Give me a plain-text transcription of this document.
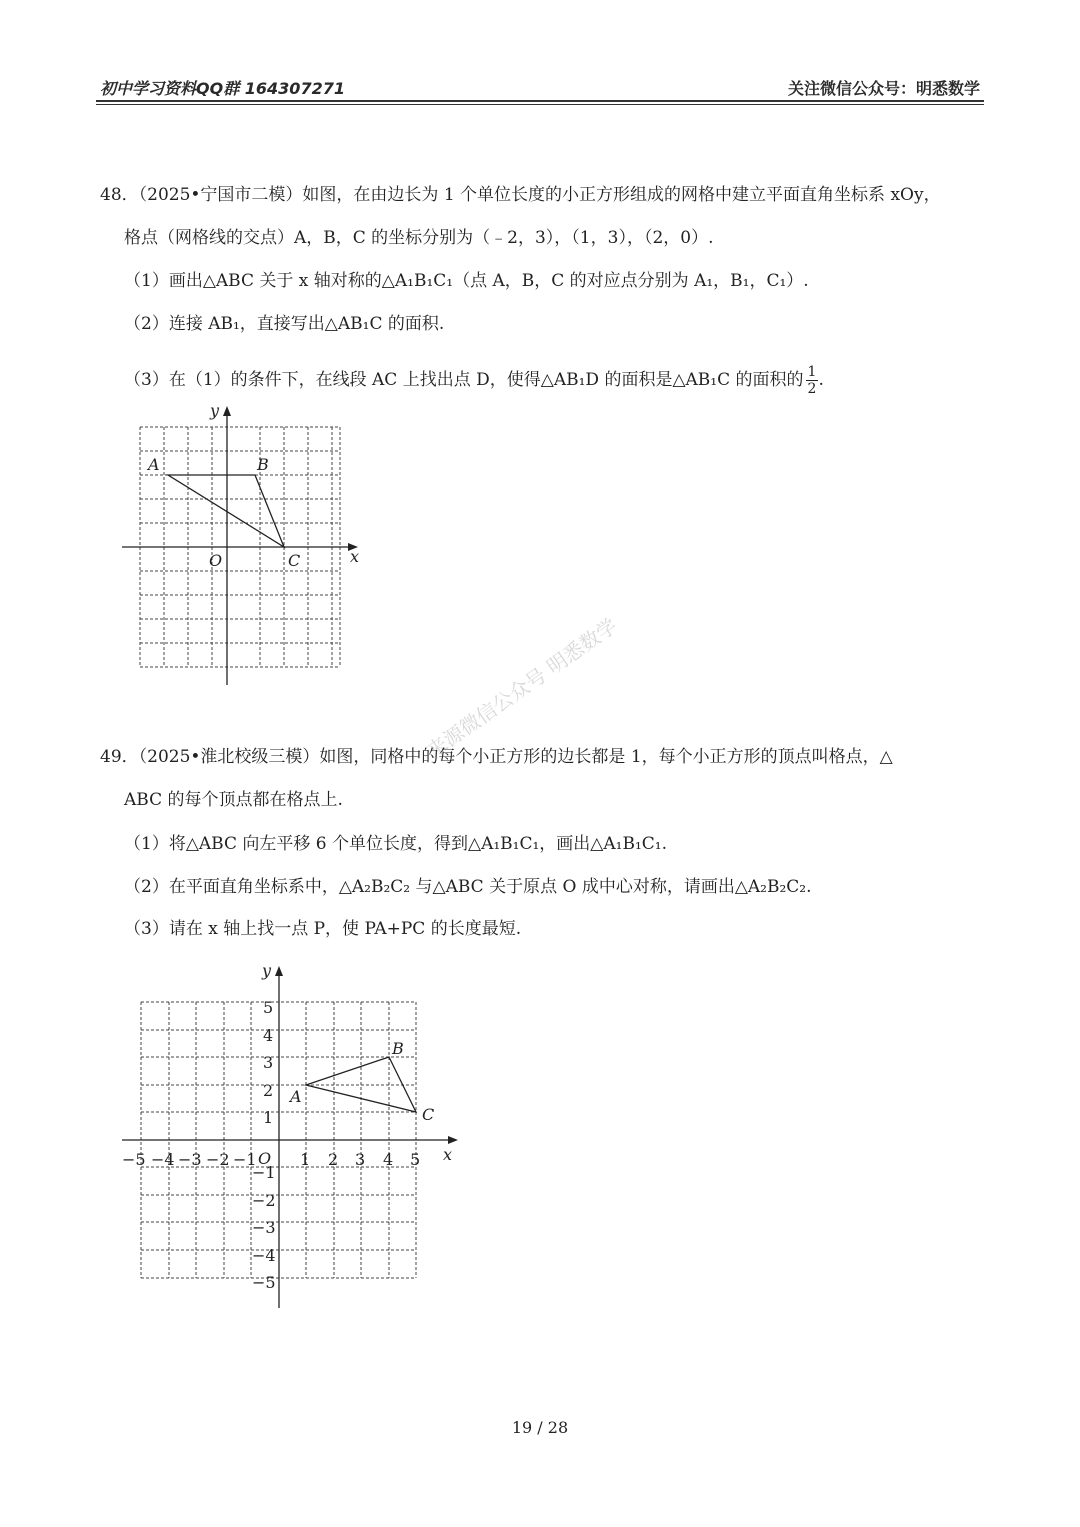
初中学习资料QQ群 164307271	关注微信公众号：明悉数学
48．（2025•宁国市二模）如图，在由边长为 1 个单位长度的小正方形组成的网格中建立平面直角坐标系 xOy，
格点（网格线的交点）A，B，C 的坐标分别为（﹣2，3），（1，3），（2，0）.
（1）画出△ABC 关于 x 轴对称的△A₁B₁C₁（点 A，B，C 的对应点分别为 A₁，B₁，C₁）.
（2）连接 AB₁，直接写出△AB₁C 的面积.
（3）在（1）的条件下，在线段 AC 上找出点 D，使得△AB₁D 的面积是△AB₁C 的面积的 $\frac{1}{2}$ .
y
x
O
A	B
C
来源微信公众号 明悉数学
49．（2025•淮北校级三模）如图，同格中的每个小正方形的边长都是 1，每个小正方形的顶点叫格点，△
ABC 的每个顶点都在格点上.
（1）将△ABC 向左平移 6 个单位长度，得到△A₁B₁C₁，画出△A₁B₁C₁.
（2）在平面直角坐标系中，△A₂B₂C₂ 与△ABC 关于原点 O 成中心对称，请画出△A₂B₂C₂.
（3）请在 x 轴上找一点 P，使 PA+PC 的长度最短.
−5 −4 −3 −2 −1	1 2 3 4 5
5
4
3
2
1
−1
−2
−3
−4
−5
y
x
O
A
B
C
19 / 28
